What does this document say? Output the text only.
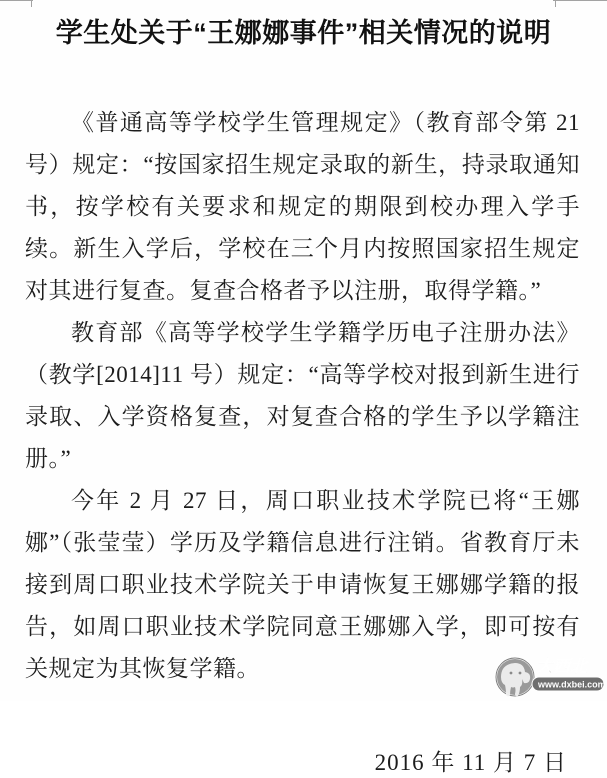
学生处关于“王娜娜事件”相关情况的说明

《普通高等学校学生管理规定》（教育部令第 21 号）规定：“按国家招生规定录取的新生，持录取通知书，按学校有关要求和规定的期限到校办理入学手续。新生入学后，学校在三个月内按照国家招生规定对其进行复查。复查合格者予以注册，取得学籍。”

教育部《高等学校学生学籍学历电子注册办法》（教学[2014]11 号）规定：“高等学校对报到新生进行录取、入学资格复查，对复查合格的学生予以学籍注册。”

今年 2 月 27 日，周口职业技术学院已将“王娜娜”（张莹莹）学历及学籍信息进行注销。省教育厅未接到周口职业技术学院关于申请恢复王娜娜学籍的报告，如周口职业技术学院同意王娜娜入学，即可按有关规定为其恢复学籍。

2016 年 11 月 7 日
大西北
www.dxbei.com
